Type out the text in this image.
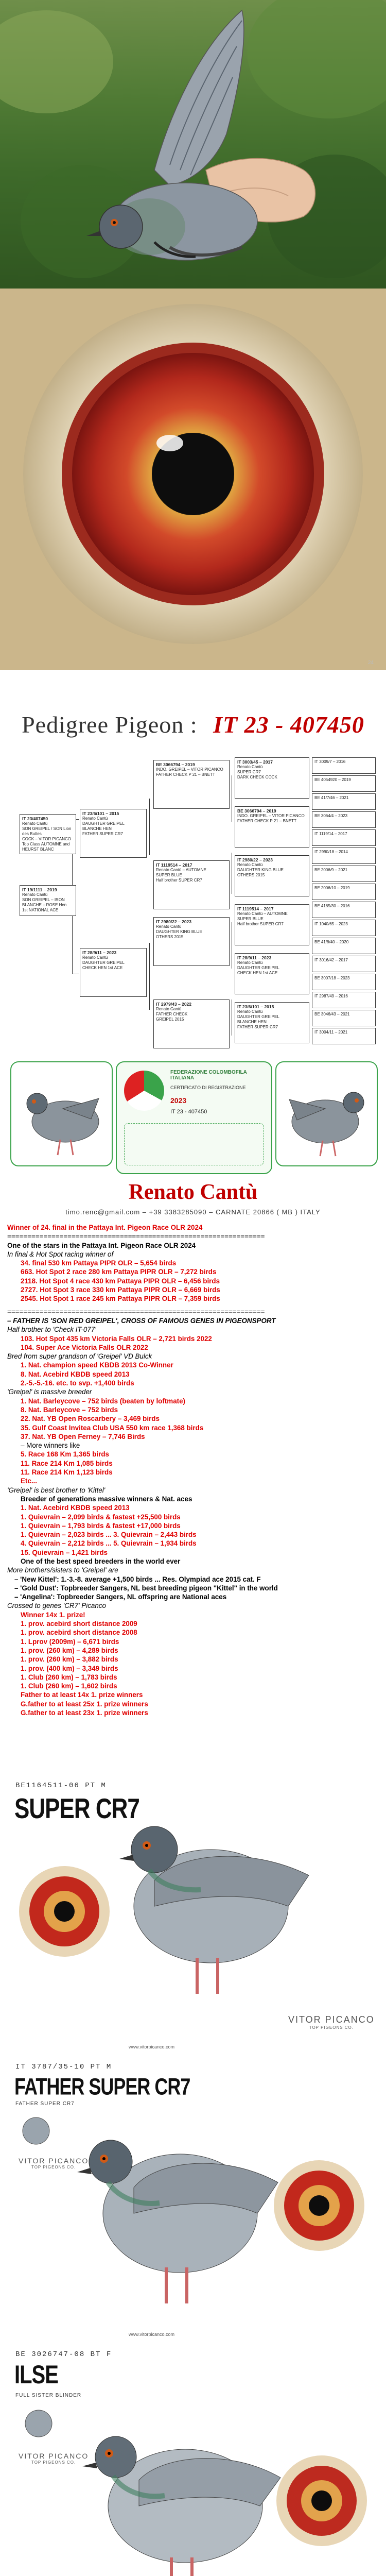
24
Pedigree Pigeon : IT 23 - 407450
IT 23/407450
Renato Cantù
SON GREIPEL / SON Lion des Buttes
COCK – VITOR PICANCO
Top Class AUTOMNE and HEURST BLANC
IT 19/1111 – 2019
Renato Cantù
SON GREIPEL – IRON
BLANCHE – ROSE Hen
1st NATIONAL ACE
IT 23/6/101 – 2015
Renato Cantù
DAUGHTER GREIPEL
BLANCHE HEN
FATHER SUPER CR7
IT 28/9/11 – 2023
Renato Cantù
DAUGHTER GREIPEL
CHECK HEN 1st ACE
BE 3066794 – 2019
INDO. GREIPEL – VITOR PICANCO
FATHER CHECK P 21 – BNETT
IT 1119514 – 2017
Renato Cantù – AUTOMNE
SUPER BLUE
Half brother SUPER CR7
IT 2980/22 – 2023
Renato Cantù
DAUGHTER KING BLUE
OTHERS 2015
IT 2979/43 – 2022
Renato Cantù
FATHER CHECK
GREIPEL 2015
IT 3003/45 – 2017
Renato Cantù
SUPER CR7
DARK CHECK COCK
BE 3066794 – 2019
INDO. GREIPEL – VITOR PICANCO
FATHER CHECK P 21 – BNETT
IT 2980/22 – 2023
Renato Cantù
DAUGHTER KING BLUE
OTHERS 2015
IT 1119514 – 2017
Renato Cantù – AUTOMNE
SUPER BLUE
Half brother SUPER CR7
IT 28/9/11 – 2023
Renato Cantù
DAUGHTER GREIPEL
CHECK HEN 1st ACE
IT 23/6/101 – 2015
Renato Cantù
DAUGHTER GREIPEL
BLANCHE HEN
FATHER SUPER CR7
IT 3009/7 – 2016
BE 4054920 – 2019
BE 41/7/46 – 2021
BE 3064/4 – 2023
IT 1119/14 – 2017
IT 2990/18 – 2014
BE 2006/9 – 2021
BE 2006/10 – 2019
BE 4185/30 – 2016
IT 1040/65 – 2023
BE 41/8/40 – 2020
IT 3016/42 – 2017
BE 3007/18 – 2023
IT 2987/49 – 2016
BE 3046/43 – 2021
IT 3004/11 – 2021
FEDERAZIONE COLOMBOFILA ITALIANA
CERTIFICATO DI REGISTRAZIONE
2023
IT 23 - 407450
Renato Cantù
timo.renc@gmail.com – +39 3383285090 – CARNATE 20866 ( MB ) ITALY
Winner of 24. final in the Pattaya Int. Pigeon Race OLR 2024
================================================================
One of the stars in the Pattaya Int. Pigeon Race OLR 2024
In final & Hot Spot racing winner of
34. final 530 km Pattaya PIPR OLR – 5,654 birds
663. Hot Spot 2 race 280 km Pattaya PIPR OLR – 7,272 birds
2118. Hot Spot 4 race 430 km Pattaya PIPR OLR – 6,456 birds
2727. Hot Spot 3 race 330 km Pattaya PIPR OLR – 6,669 birds
2545. Hot Spot 1 race 245 km Pattaya PIPR OLR – 7,359 birds
================================================================
– FATHER IS 'SON RED GREIPEL', CROSS OF FAMOUS GENES IN PIGEONSPORT
Half brother to 'Check IT-077'
103. Hot Spot 435 km Victoria Falls OLR – 2,721 birds 2022
104. Super Ace Victoria Falls OLR 2022
Bred from super grandson of 'Greipel' VD Bulck
1. Nat. champion speed KBDB 2013 Co-Winner
8. Nat. Acebird KBDB speed 2013
2.-5.-5.-16. etc. to svp. +1,400 birds
'Greipel' is massive breeder
1. Nat. Barleycove – 752 birds (beaten by loftmate)
8. Nat. Barleycove – 752 birds
22. Nat. YB Open Roscarbery – 3,469 birds
35. Gulf Coast Invitea Club USA 550 km race 1,368 birds
37. Nat. YB Open Ferney – 7,746 Birds
– More winners like
5. Race 168 Km 1,365 birds
11. Race 214 Km 1,085 birds
11. Race 214 Km 1,123 birds
Etc...
'Greipel' is best brother to 'Kittel'
Breeder of generations massive winners & Nat. aces
1. Nat. Acebird KBDB speed 2013
1. Quievrain – 2,099 birds & fastest +25,500 birds
1. Quievrain – 1,793 birds & fastest +17,000 birds
1. Quievrain – 2,023 birds ... 3. Quievrain – 2,443 birds
4. Quievrain – 2,212 birds ... 5. Quievrain – 1,934 birds
15. Quievrain – 1,421 birds
One of the best speed breeders in the world ever
More brothers/sisters to 'Greipel' are
– 'New Kittel': 1.-3.-8. average +1,500 birds ... Res. Olympiad ace 2015 cat. F
– 'Gold Dust': Topbreeder Sangers, NL best breeding pigeon "Kittel" in the world
– 'Angelina': Topbreeder Sangers, NL offspring are National aces
Crossed to genes 'CR7' Picanco
Winner 14x 1. prize!
1. prov. acebird short distance 2009
1. prov. acebird short distance 2008
1. Lprov (2009m) – 6,671 birds
1. prov. (260 km) – 4,289 birds
1. prov. (260 km) – 3,882 birds
1. prov. (400 km) – 3,349 birds
1. Club (260 km) – 1,783 birds
1. Club (260 km) – 1,602 birds
Father to at least 14x 1. prize winners
G.father to at least 25x 1. prize winners
G.father to at least 23x 1. prize winners
BE1164511-06 PT M
SUPER CR7
VITOR PICANCO
TOP PIGEONS CO.
www.vitorpicanco.com
IT 3787/35-10 PT M
FATHER SUPER CR7
FATHER SUPER CR7
VITOR PICANCO
TOP PIGEONS CO.
www.vitorpicanco.com
BE 3026747-08 BT F
ILSE
FULL SISTER BLINDER
VITOR PICANCO
TOP PIGEONS CO.
